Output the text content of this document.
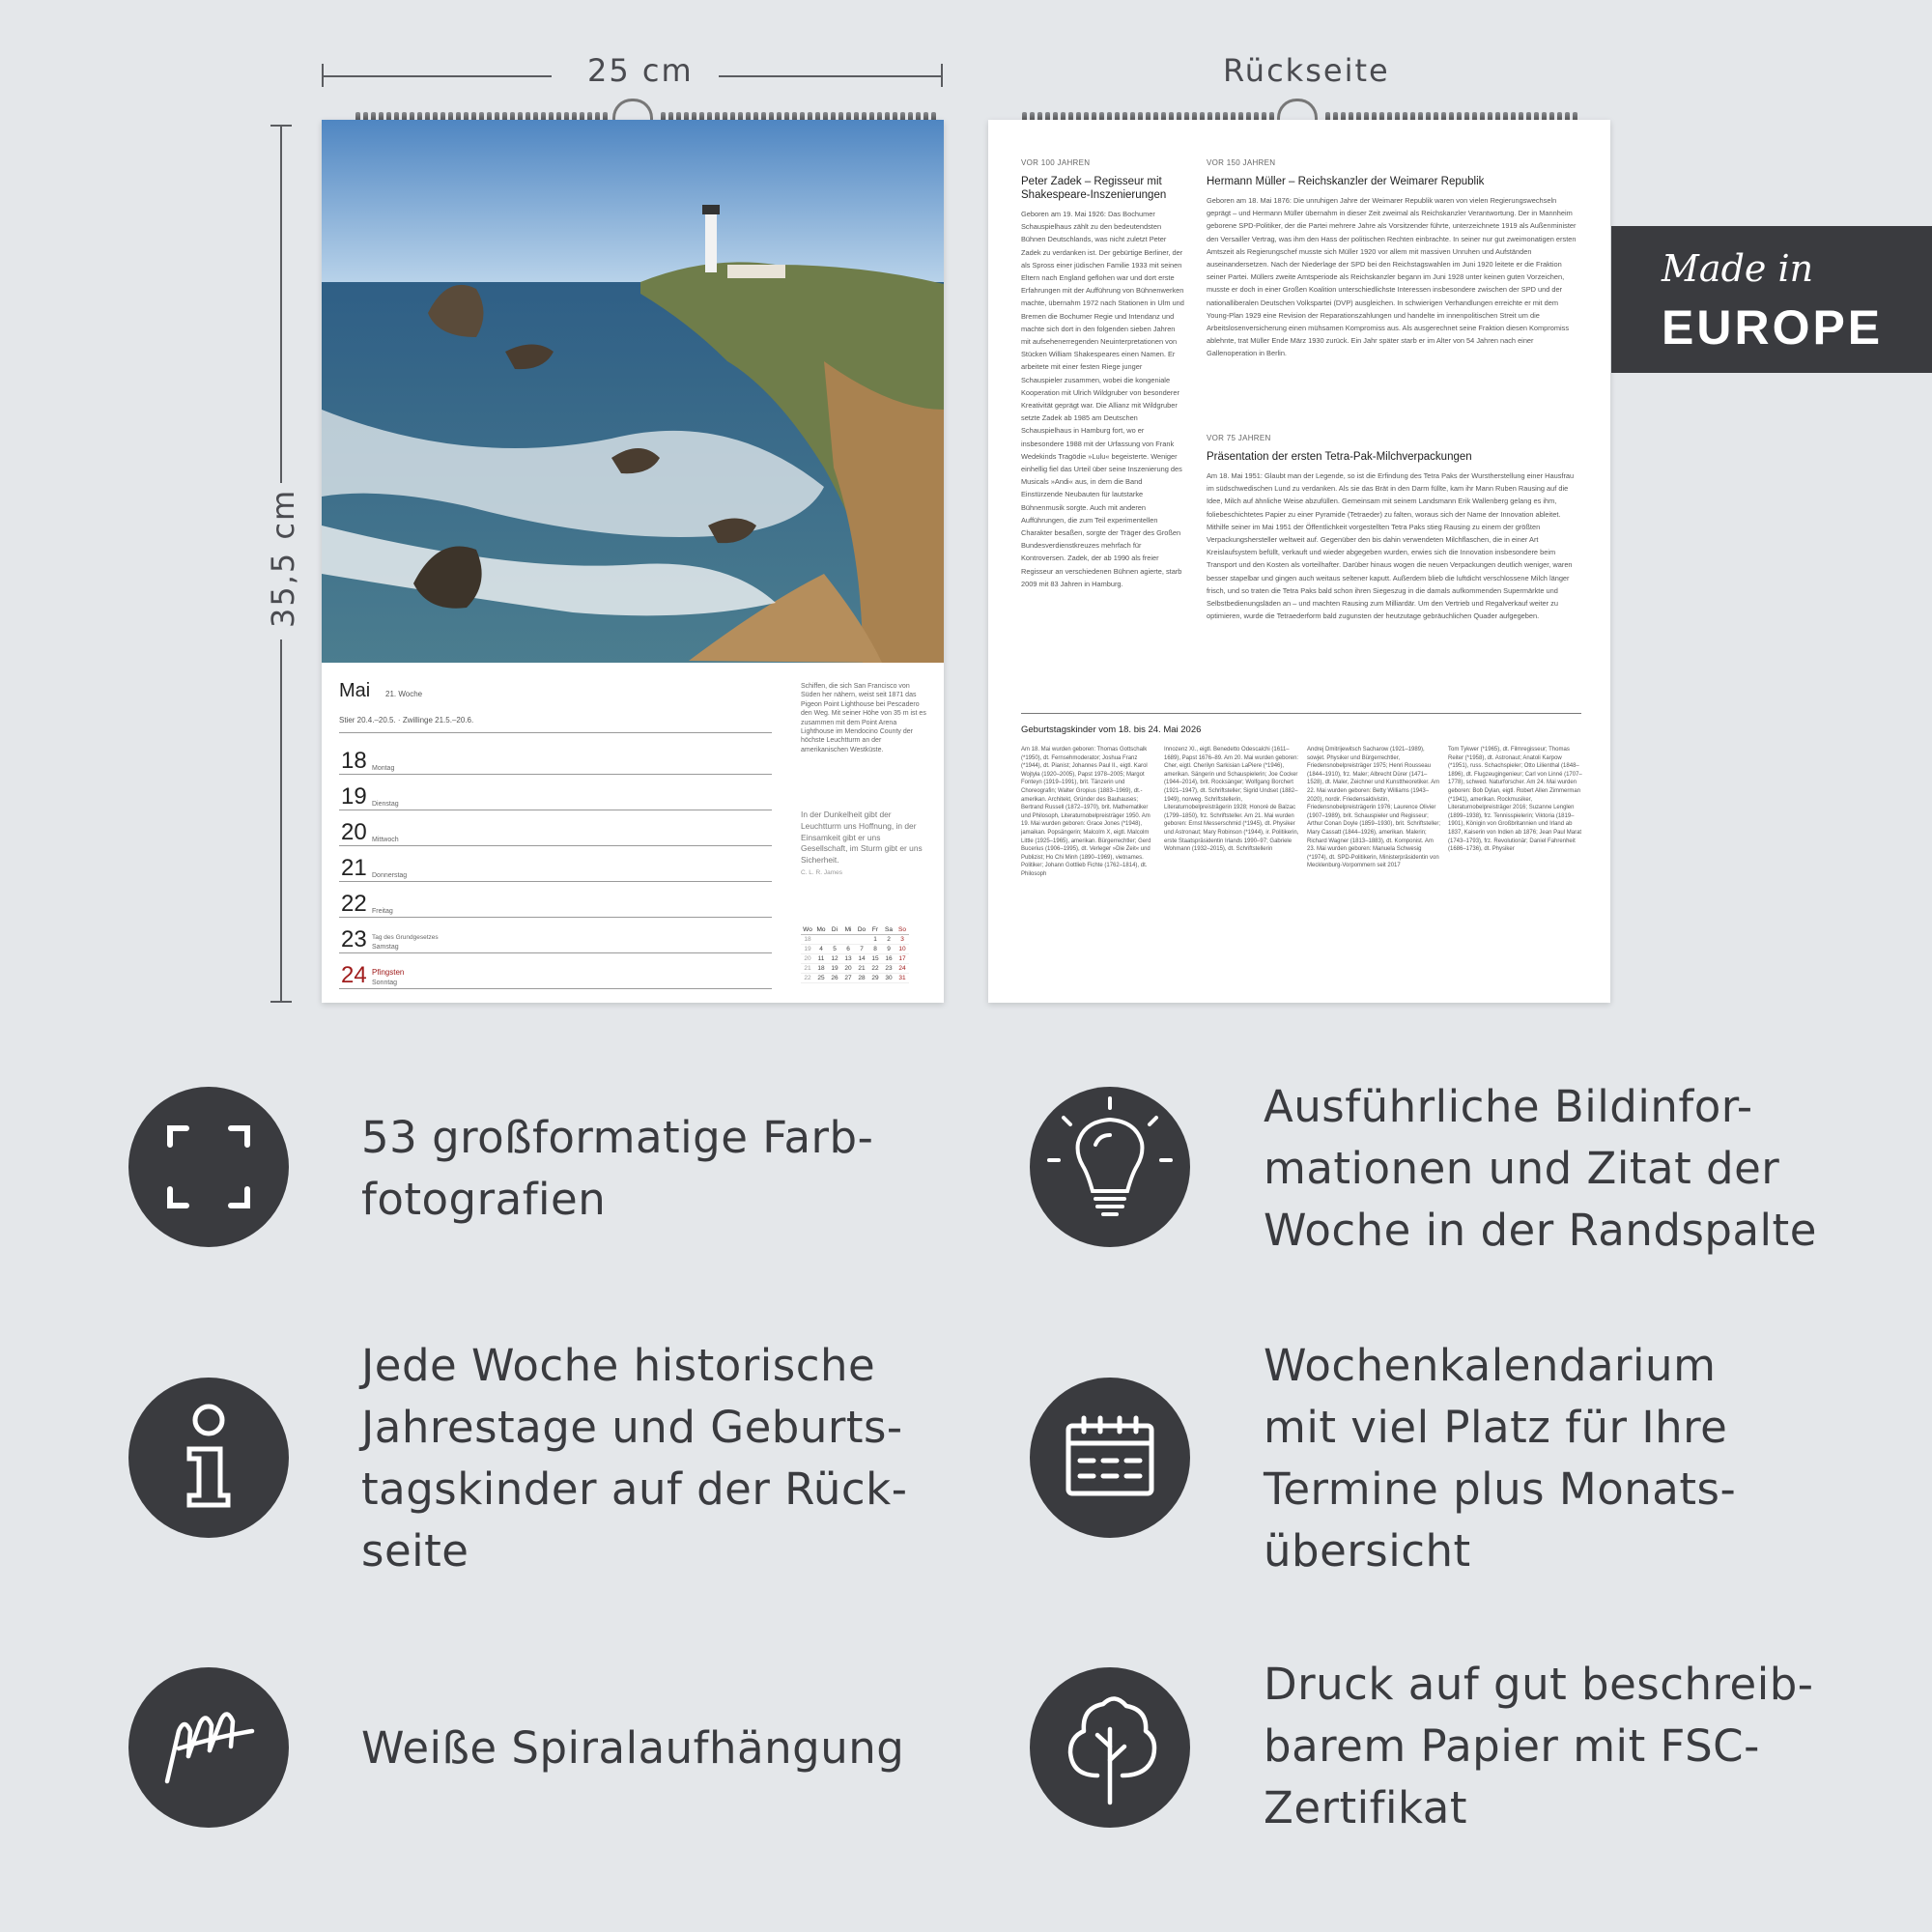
25 cm
35,5 cm
Rückseite
Mai 21. Woche
Stier 20.4.–20.5. · Zwillinge 21.5.–20.6.
18 Montag
19 Dienstag
20 Mittwoch
21 Donnerstag
22 Freitag
23 Samstag
Tag des Grundgesetzes
24 Sonntag
Pfingsten
Schiffen, die sich San Francisco von Süden her nähern, weist seit 1871 das Pigeon Point Lighthouse bei Pescadero den Weg. Mit seiner Höhe von 35 m ist es zusammen mit dem Point Arena Lighthouse im Mendocino County der höchste Leuchtturm an der amerikanischen Westküste.
In der Dunkelheit gibt der Leuchtturm uns Hoffnung, in der Einsamkeit gibt er uns Gesellschaft, im Sturm gibt er uns Sicherheit.
C. L. R. James
Wo	Mo	Di	Mi	Do	Fr	Sa	So
18					1	2	3
19	4	5	6	7	8	9	10
20	11	12	13	14	15	16	17
21	18	19	20	21	22	23	24
22	25	26	27	28	29	30	31
VOR 100 JAHREN
Peter Zadek – Regisseur mit Shakespeare-Inszenierungen
Geboren am 19. Mai 1926: Das Bochumer Schauspielhaus zählt zu den bedeutendsten Bühnen Deutschlands, was nicht zuletzt Peter Zadek zu verdanken ist. Der gebürtige Berliner, der als Spross einer jüdischen Familie 1933 mit seinen Eltern nach England geflohen war und dort erste Erfahrungen mit der Aufführung von Bühnenwerken machte, übernahm 1972 nach Stationen in Ulm und Bremen die Bochumer Regie und Intendanz und machte sich dort in den folgenden sieben Jahren mit aufsehenerregenden Neuinterpretationen von Stücken William Shakespeares einen Namen. Er arbeitete mit einer festen Riege junger Schauspieler zusammen, wobei die kongeniale Kooperation mit Ulrich Wildgruber von besonderer Kreativität geprägt war. Die Allianz mit Wildgruber setzte Zadek ab 1985 am Deutschen Schauspielhaus in Hamburg fort, wo er insbesondere 1988 mit der Urfassung von Frank Wedekinds Tragödie »Lulu« begeisterte. Weniger einhellig fiel das Urteil über seine Inszenierung des Musicals »Andi« aus, in dem die Band Einstürzende Neubauten für lautstarke Bühnenmusik sorgte. Auch mit anderen Aufführungen, die zum Teil experimentellen Charakter besaßen, sorgte der Träger des Großen Bundesverdienstkreuzes mehrfach für Kontroversen. Zadek, der ab 1990 als freier Regisseur an verschiedenen Bühnen agierte, starb 2009 mit 83 Jahren in Hamburg.
VOR 150 JAHREN
Hermann Müller – Reichskanzler der Weimarer Republik
Geboren am 18. Mai 1876: Die unruhigen Jahre der Weimarer Republik waren von vielen Regierungswechseln geprägt – und Hermann Müller übernahm in dieser Zeit zweimal als Reichskanzler Verantwortung. Der in Mannheim geborene SPD-Politiker, der die Partei mehrere Jahre als Vorsitzender führte, unterzeichnete 1919 als Außenminister den Versailler Vertrag, was ihm den Hass der politischen Rechten einbrachte. In seiner nur gut zweimonatigen ersten Amtszeit als Regierungschef musste sich Müller 1920 vor allem mit massiven Unruhen und Aufständen auseinandersetzen. Nach der Niederlage der SPD bei den Reichstagswahlen im Juni 1920 leitete er die Fraktion seiner Partei. Müllers zweite Amtsperiode als Reichskanzler begann im Juni 1928 unter keinen guten Vorzeichen, musste er doch in einer Großen Koalition unterschiedlichste Interessen insbesondere zwischen der SPD und der nationalliberalen Deutschen Volkspartei (DVP) ausgleichen. In schwierigen Verhandlungen erreichte er mit dem Young-Plan 1929 eine Revision der Reparationszahlungen und handelte im innenpolitischen Streit um die Arbeitslosenversicherung einen mühsamen Kompromiss aus. Als ausgerechnet seine Fraktion diesen Kompromiss ablehnte, trat Müller Ende März 1930 zurück. Ein Jahr später starb er im Alter von 54 Jahren nach einer Gallenoperation in Berlin.
VOR 75 JAHREN
Präsentation der ersten Tetra-Pak-Milchverpackungen
Am 18. Mai 1951: Glaubt man der Legende, so ist die Erfindung des Tetra Paks der Wurstherstellung einer Hausfrau im südschwedischen Lund zu verdanken. Als sie das Brät in den Darm füllte, kam ihr Mann Ruben Rausing auf die Idee, Milch auf ähnliche Weise abzufüllen. Gemeinsam mit seinem Landsmann Erik Wallenberg gelang es ihm, foliebeschichtetes Papier zu einer Pyramide (Tetraeder) zu falten, woraus sich der Name der Innovation ableitet. Mithilfe seiner im Mai 1951 der Öffentlichkeit vorgestellten Tetra Paks stieg Rausing zu einem der größten Verpackungshersteller weltweit auf. Gegenüber den bis dahin verwendeten Milchflaschen, die in einer Art Kreislaufsystem befüllt, verkauft und wieder abgegeben wurden, erwies sich die Innovation insbesondere beim Transport und den Kosten als vorteilhafter. Darüber hinaus wogen die neuen Verpackungen deutlich weniger, waren besser stapelbar und gingen auch weitaus seltener kaputt. Außerdem blieb die luftdicht verschlossene Milch länger frisch, und so traten die Tetra Paks bald schon ihren Siegeszug in die damals aufkommenden Supermärkte und Selbstbedienungsläden an – und machten Rausing zum Milliardär. Um den Vertrieb und Regalverkauf weiter zu optimieren, wurde die Tetraederform bald zugunsten der heutzutage gebräuchlichen Quader aufgegeben.
Geburtstagskinder vom 18. bis 24. Mai 2026
Am 18. Mai wurden geboren: Thomas Gottschalk (*1950), dt. Fernsehmoderator; Joshua Franz (*1944), dt. Pianist; Johannes Paul II., eigtl. Karol Wojtyła (1920–2005), Papst 1978–2005; Margot Fonteyn (1919–1991), brit. Tänzerin und Choreografin; Walter Gropius (1883–1969), dt.-amerikan. Architekt, Gründer des Bauhauses; Bertrand Russell (1872–1970), brit. Mathematiker und Philosoph, Literaturnobelpreisträger 1950. Am 19. Mai wurden geboren: Grace Jones (*1948), jamaikan. Popsängerin; Malcolm X, eigtl. Malcolm Little (1925–1965), amerikan. Bürgerrechtler; Gerd Bucerius (1906–1995), dt. Verleger »Die Zeit« und Publizist; Ho Chi Minh (1890–1969), vietnames. Politiker; Johann Gottlieb Fichte (1762–1814), dt. Philosoph
Innozenz XI., eigtl. Benedetto Odescalchi (1611–1689), Papst 1676–89. Am 20. Mai wurden geboren: Cher, eigtl. Cherilyn Sarkisian LaPiere (*1946), amerikan. Sängerin und Schauspielerin; Joe Cocker (1944–2014), brit. Rocksänger; Wolfgang Borchert (1921–1947), dt. Schriftsteller; Sigrid Undset (1882–1949), norweg. Schriftstellerin, Literaturnobelpreisträgerin 1928; Honoré de Balzac (1799–1850), frz. Schriftsteller. Am 21. Mai wurden geboren: Ernst Messerschmid (*1945), dt. Physiker und Astronaut; Mary Robinson (*1944), ir. Politikerin, erste Staatspräsidentin Irlands 1990–97; Gabriele Wohmann (1932–2015), dt. Schriftstellerin
Andrej Dmitrijewitsch Sacharow (1921–1989), sowjet. Physiker und Bürgerrechtler, Friedensnobelpreisträger 1975; Henri Rousseau (1844–1910), frz. Maler; Albrecht Dürer (1471–1528), dt. Maler, Zeichner und Kunsttheoretiker. Am 22. Mai wurden geboren: Betty Williams (1943–2020), nordir. Friedensaktivistin, Friedensnobelpreisträgerin 1976; Laurence Olivier (1907–1989), brit. Schauspieler und Regisseur; Arthur Conan Doyle (1859–1930), brit. Schriftsteller; Mary Cassatt (1844–1926), amerikan. Malerin; Richard Wagner (1813–1883), dt. Komponist. Am 23. Mai wurden geboren: Manuela Schwesig (*1974), dt. SPD-Politikerin, Ministerpräsidentin von Mecklenburg-Vorpommern seit 2017
Tom Tykwer (*1965), dt. Filmregisseur; Thomas Reiter (*1958), dt. Astronaut; Anatoli Karpow (*1951), russ. Schachspieler; Otto Lilienthal (1848–1896), dt. Flugzeugingenieur; Carl von Linné (1707–1778), schwed. Naturforscher. Am 24. Mai wurden geboren: Bob Dylan, eigtl. Robert Allen Zimmerman (*1941), amerikan. Rockmusiker, Literaturnobelpreisträger 2016; Suzanne Lenglen (1899–1938), frz. Tennisspielerin; Viktoria (1819–1901), Königin von Großbritannien und Irland ab 1837, Kaiserin von Indien ab 1876; Jean Paul Marat (1743–1793), frz. Revolutionär; Daniel Fahrenheit (1686–1736), dt. Physiker
Made in
EUROPE
53 großformatige Farb-
fotografien
Ausführliche Bildinfor-
mationen und Zitat der
Woche in der Randspalte
Jede Woche historische
Jahrestage und Geburts-
tagskinder auf der Rück-
seite
Wochenkalendarium
mit viel Platz für Ihre
Termine plus Monats-
übersicht
Weiße Spiralaufhängung
Druck auf gut beschreib-
barem Papier mit FSC-
Zertifikat
